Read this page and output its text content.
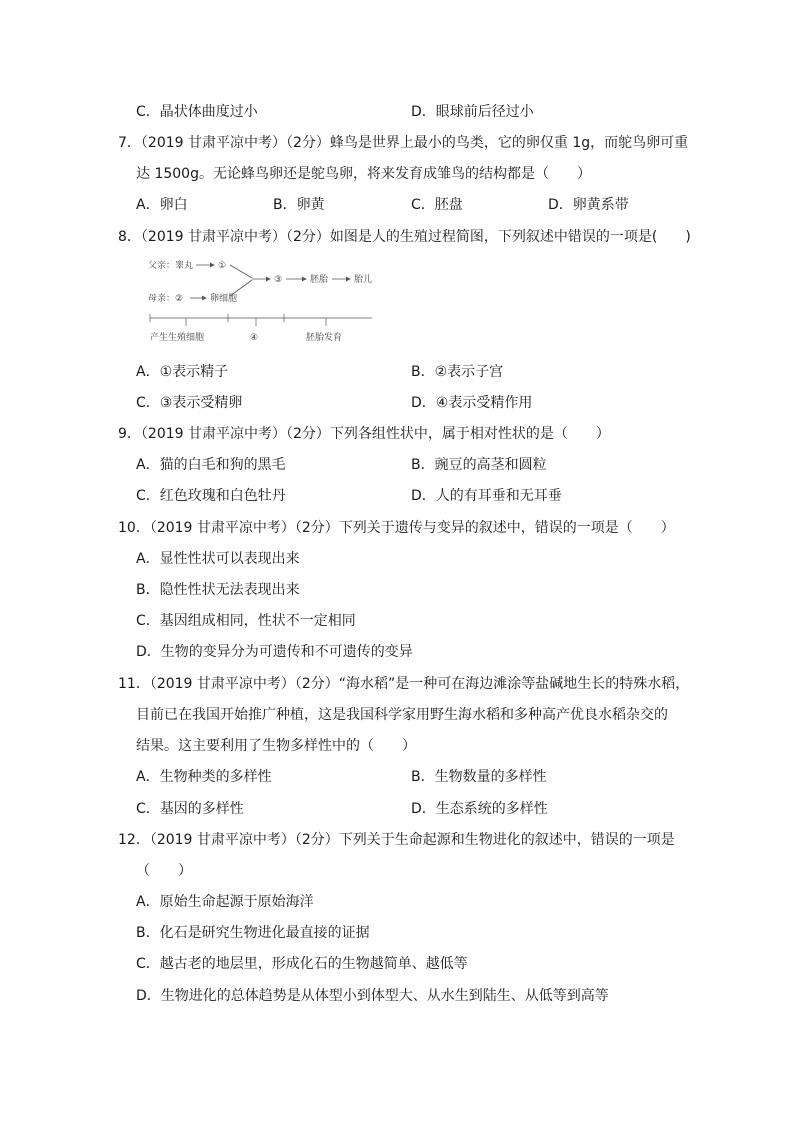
C．晶状体曲度过小	D．眼球前后径过小
7．（2019 甘肃平凉中考）（2分）蜂鸟是世界上最小的鸟类，它的卵仅重 1g，而鸵鸟卵可重
达 1500g。无论蜂鸟卵还是鸵鸟卵，将来发育成雏鸟的结构都是（　　）
A．卵白	B．卵黄	C．胚盘	D．卵黄系带
8．（2019 甘肃平凉中考）（2分）如图是人的生殖过程简图，下列叙述中错误的一项是(　　)
父亲：睾丸	①
③	胚胎	胎儿
母亲：②	卵细胞
产生生殖细胞	④	胚胎发育
A．①表示精子	B．②表示子宫
C．③表示受精卵	D．④表示受精作用
9．（2019 甘肃平凉中考）（2分）下列各组性状中，属于相对性状的是（　　）
A．猫的白毛和狗的黑毛	B．豌豆的高茎和圆粒
C．红色玫瑰和白色牡丹	D．人的有耳垂和无耳垂
10．（2019 甘肃平凉中考）（2分）下列关于遗传与变异的叙述中，错误的一项是（　　）
A．显性性状可以表现出来
B．隐性性状无法表现出来
C．基因组成相同，性状不一定相同
D．生物的变异分为可遗传和不可遗传的变异
11．（2019 甘肃平凉中考）（2分）“海水稻”是一种可在海边滩涂等盐碱地生长的特殊水稻，
目前已在我国开始推广种植，这是我国科学家用野生海水稻和多种高产优良水稻杂交的
结果。这主要利用了生物多样性中的（　　）
A．生物种类的多样性	B．生物数量的多样性
C．基因的多样性	D．生态系统的多样性
12．（2019 甘肃平凉中考）（2分）下列关于生命起源和生物进化的叙述中，错误的一项是
（　　）
A．原始生命起源于原始海洋
B．化石是研究生物进化最直接的证据
C．越古老的地层里，形成化石的生物越简单、越低等
D．生物进化的总体趋势是从体型小到体型大、从水生到陆生、从低等到高等
